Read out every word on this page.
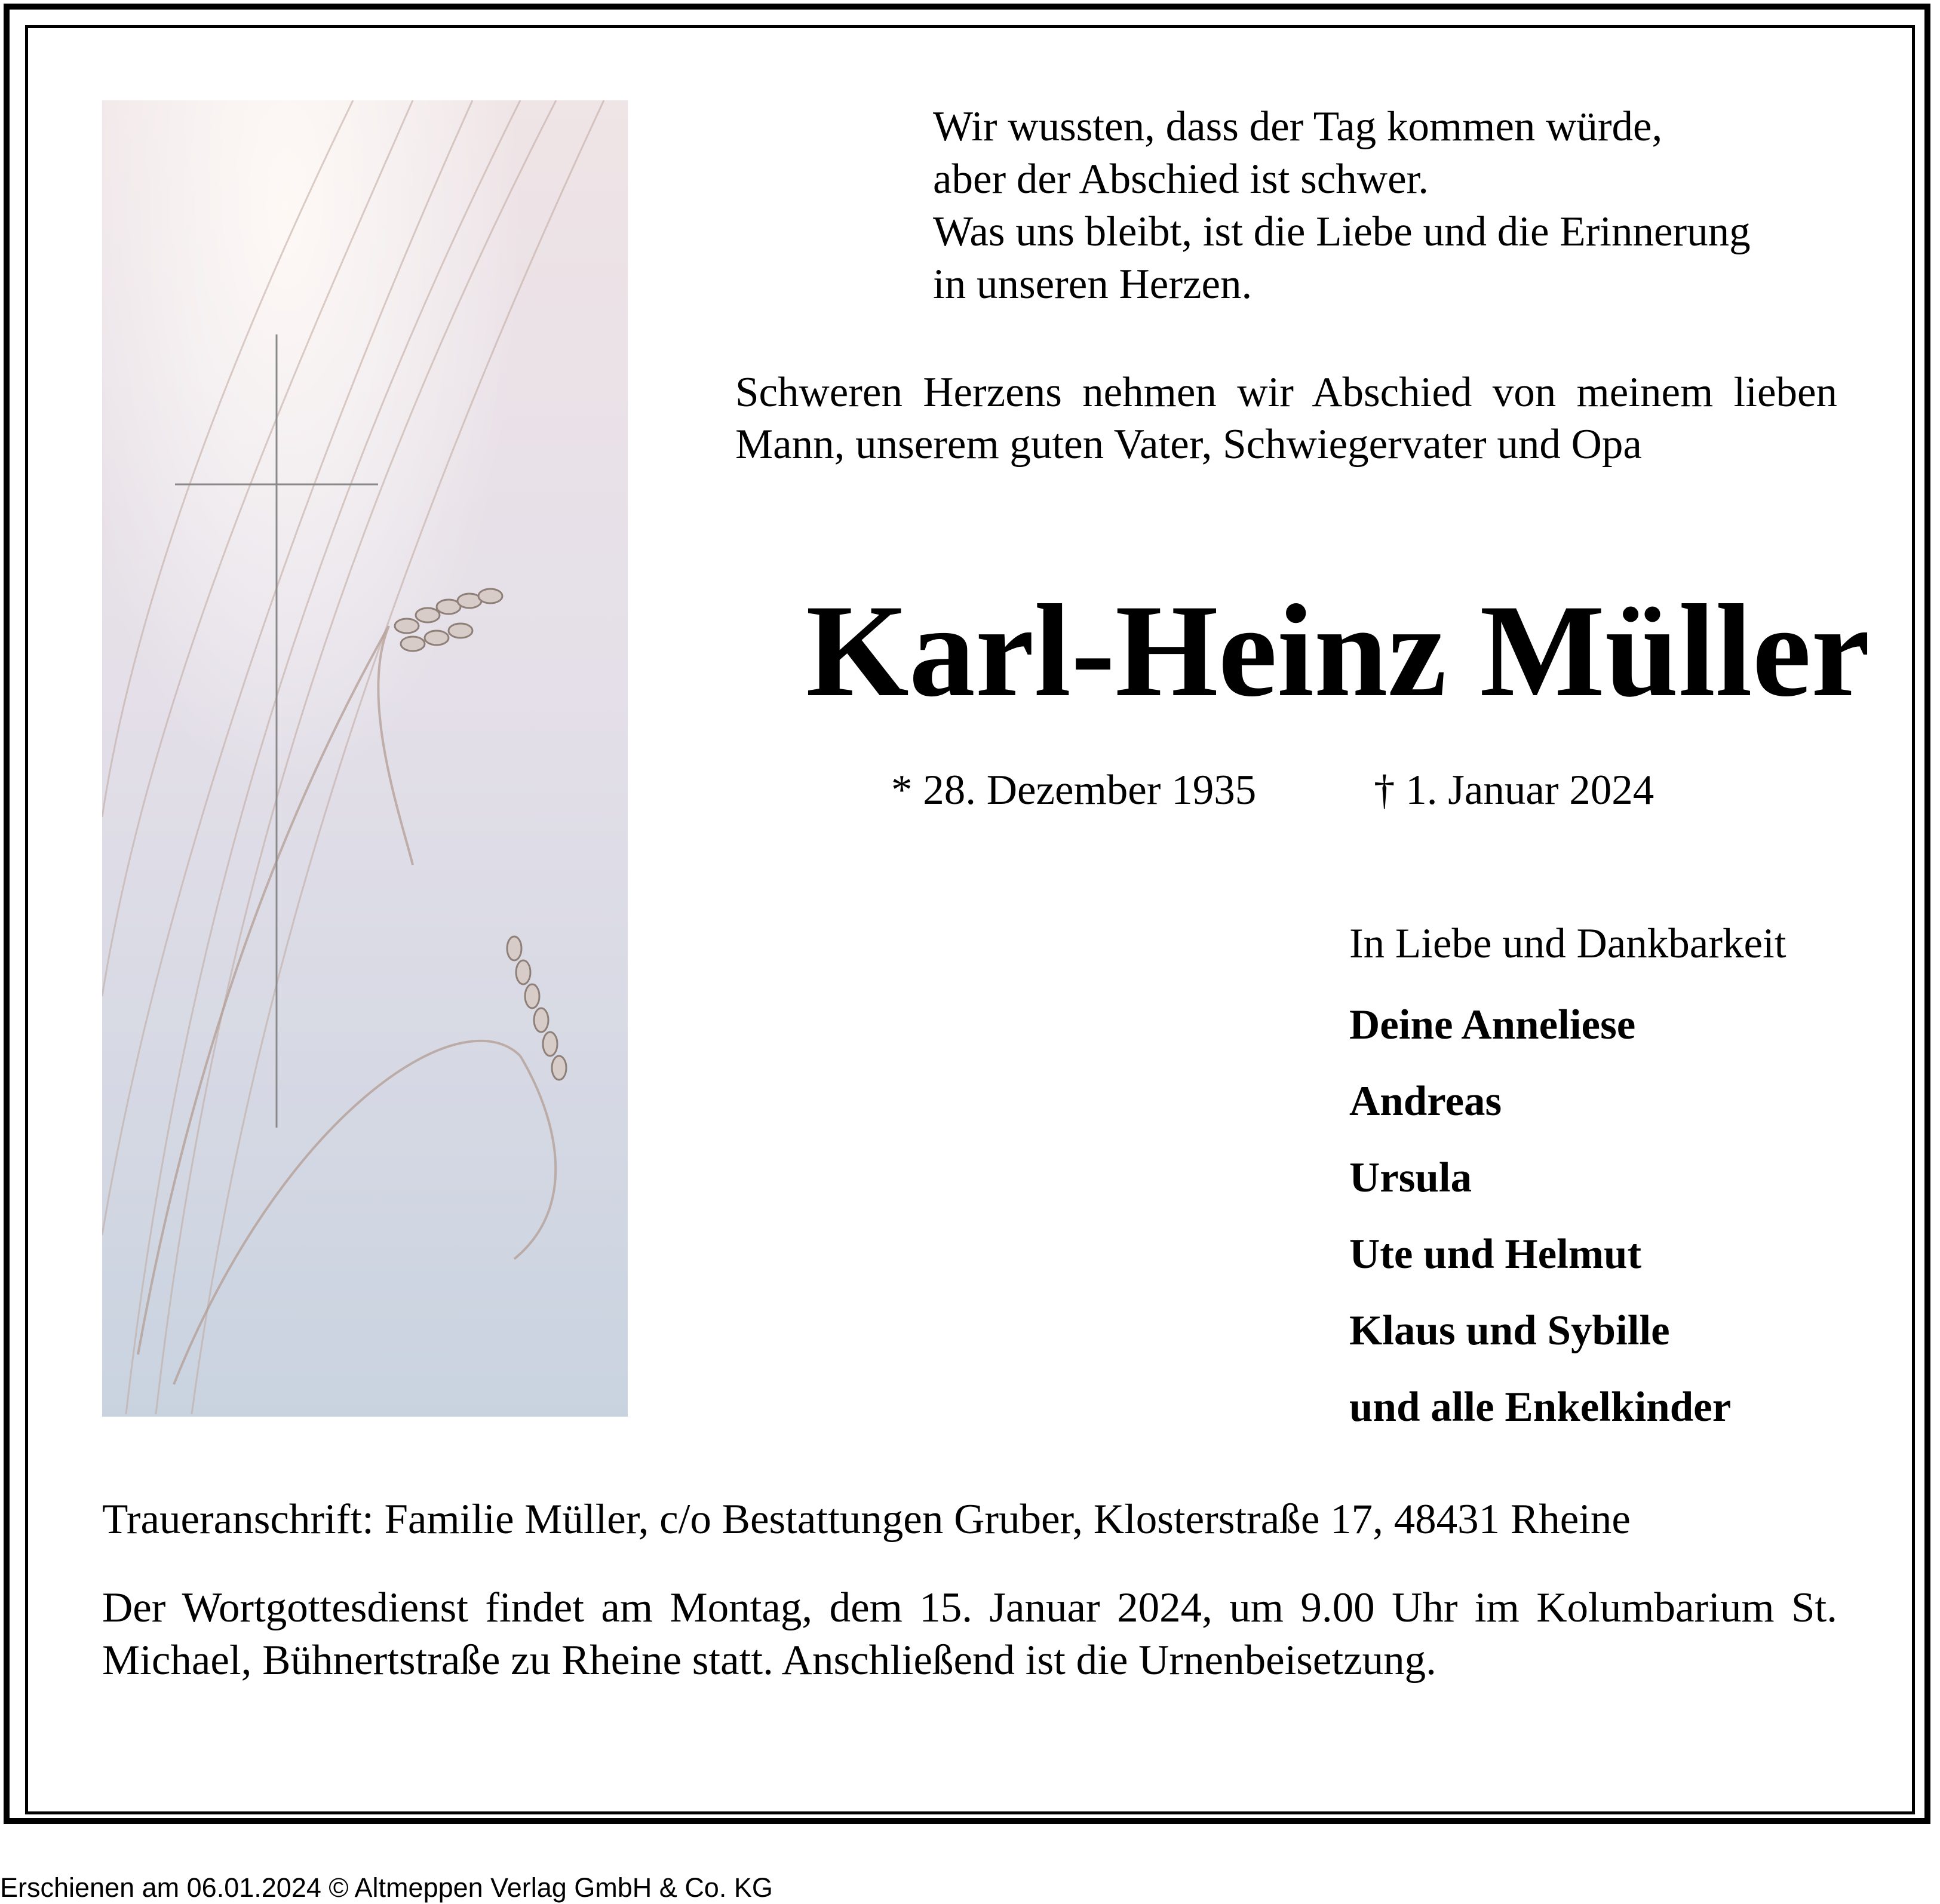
Wir wussten, dass der Tag kommen würde,
aber der Abschied ist schwer.
Was uns bleibt, ist die Liebe und die Erinnerung
in unseren Herzen.
Schweren Herzens nehmen wir Abschied von meinem lieben Mann, unserem guten Vater, Schwiegervater und Opa
Karl-Heinz Müller
* 28. Dezember 1935	† 1. Januar 2024
In Liebe und Dankbarkeit
Deine Anneliese
Andreas
Ursula
Ute und Helmut
Klaus und Sybille
und alle Enkelkinder
Traueranschrift: Familie Müller, c/o Bestattungen Gruber, Klosterstraße 17, 48431 Rheine
Der Wortgottesdienst findet am Montag, dem 15. Januar 2024, um 9.00 Uhr im Kolumbarium St. Michael, Bühnertstraße zu Rheine statt. Anschließend ist die Urnenbeisetzung.
Erschienen am 06.01.2024 © Altmeppen Verlag GmbH & Co. KG
